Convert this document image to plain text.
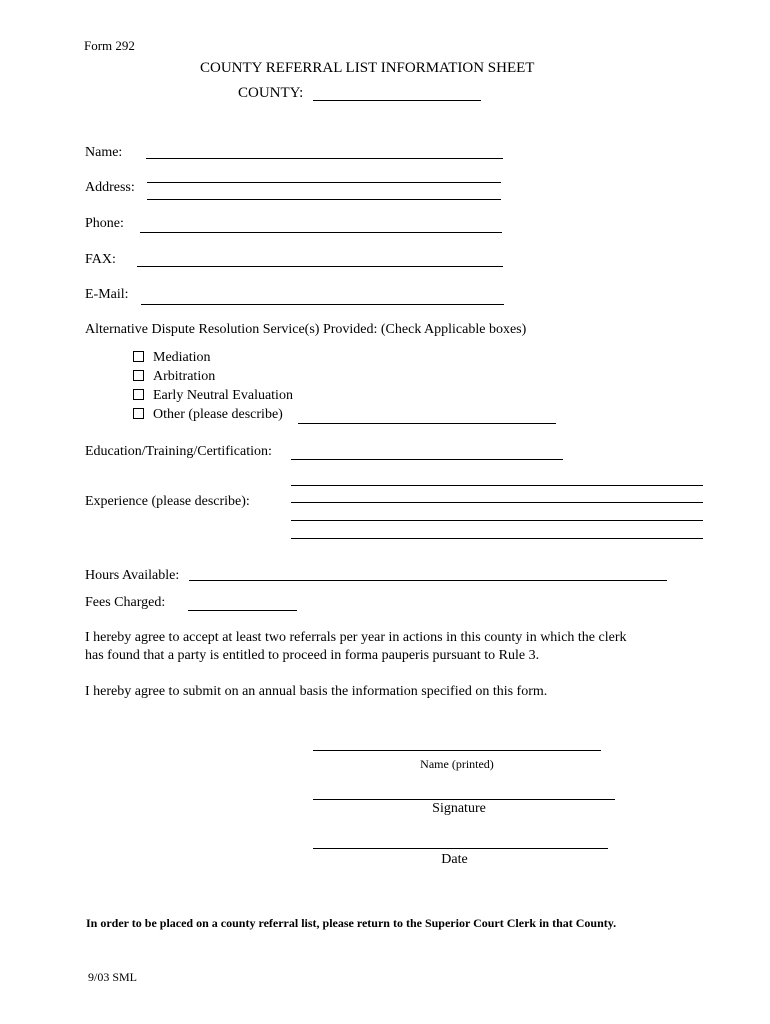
Form 292
COUNTY REFERRAL LIST INFORMATION SHEET
COUNTY:
Name:
Address:
Phone:
FAX:
E-Mail:
Alternative Dispute Resolution Service(s) Provided: (Check Applicable boxes)
Mediation
Arbitration
Early Neutral Evaluation
Other (please describe)
Education/Training/Certification:
Experience (please describe):
Hours Available:
Fees Charged:
I hereby agree to accept at least two referrals per year in actions in this county in which the clerk
has found that a party is entitled to proceed in forma pauperis pursuant to Rule 3.
I hereby agree to submit on an annual basis the information specified on this form.
Name (printed)
Signature
Date
In order to be placed on a county referral list, please return to the Superior Court Clerk in that County.
9/03 SML
